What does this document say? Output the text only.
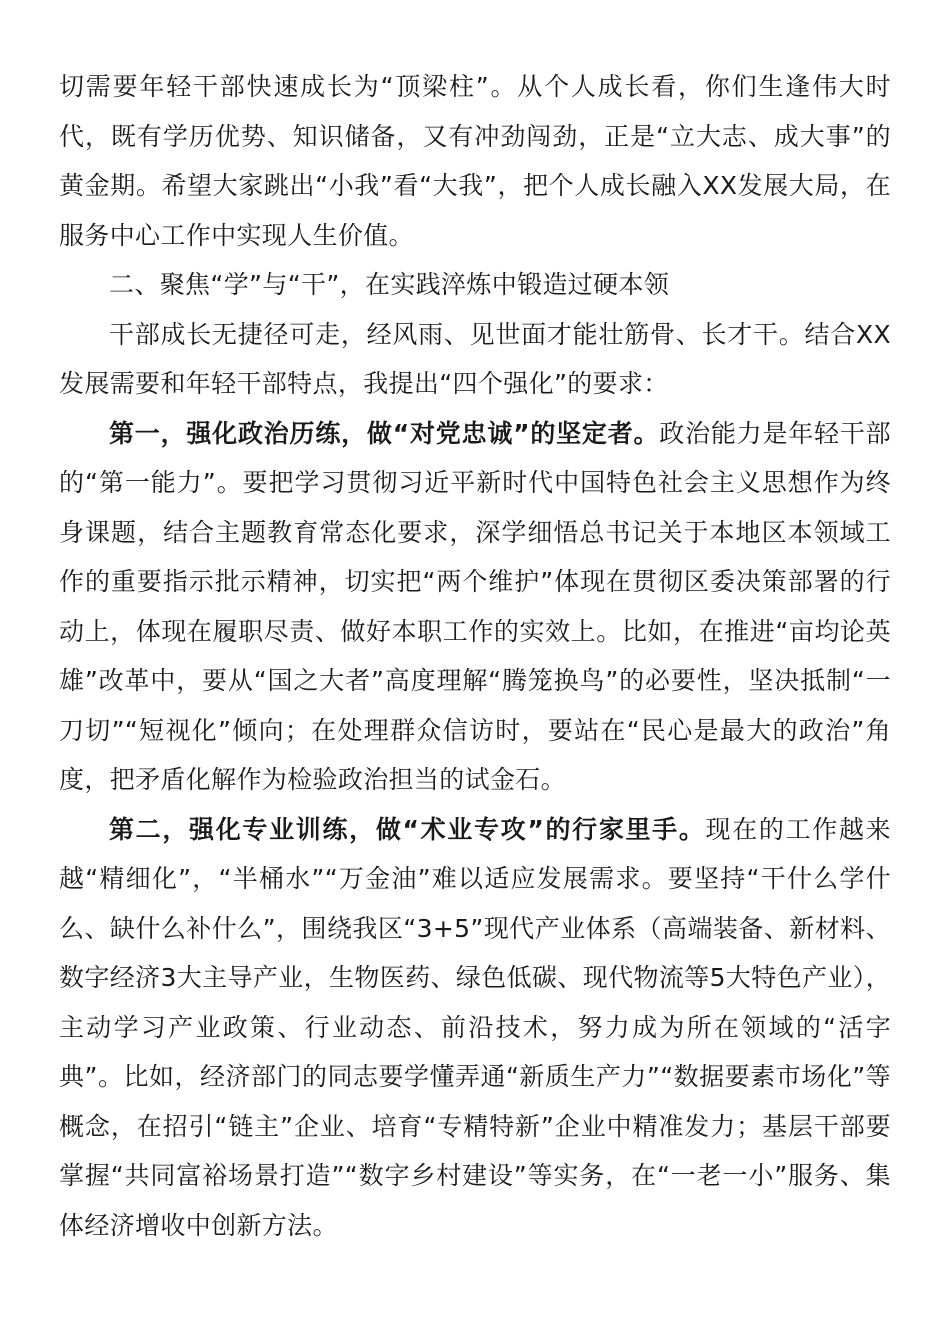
切需要年轻干部快速成长为“顶梁柱”。从个人成长看，你们生逢伟大时代，既有学历优势、知识储备，又有冲劲闯劲，正是“立大志、成大事”的黄金期。希望大家跳出“小我”看“大我”，把个人成长融入XX发展大局，在服务中心工作中实现人生价值。

二、聚焦“学”与“干”，在实践淬炼中锻造过硬本领

干部成长无捷径可走，经风雨、见世面才能壮筋骨、长才干。结合XX发展需要和年轻干部特点，我提出“四个强化”的要求：

第一，强化政治历练，做“对党忠诚”的坚定者。政治能力是年轻干部的“第一能力”。要把学习贯彻习近平新时代中国特色社会主义思想作为终身课题，结合主题教育常态化要求，深学细悟总书记关于本地区本领域工作的重要指示批示精神，切实把“两个维护”体现在贯彻区委决策部署的行动上，体现在履职尽责、做好本职工作的实效上。比如，在推进“亩均论英雄”改革中，要从“国之大者”高度理解“腾笼换鸟”的必要性，坚决抵制“一刀切”“短视化”倾向；在处理群众信访时，要站在“民心是最大的政治”角度，把矛盾化解作为检验政治担当的试金石。

第二，强化专业训练，做“术业专攻”的行家里手。现在的工作越来越“精细化”，“半桶水”“万金油”难以适应发展需求。要坚持“干什么学什么、缺什么补什么”，围绕我区“3+5”现代产业体系（高端装备、新材料、数字经济3大主导产业，生物医药、绿色低碳、现代物流等5大特色产业），主动学习产业政策、行业动态、前沿技术，努力成为所在领域的“活字典”。比如，经济部门的同志要学懂弄通“新质生产力”“数据要素市场化”等概念，在招引“链主”企业、培育“专精特新”企业中精准发力；基层干部要掌握“共同富裕场景打造”“数字乡村建设”等实务，在“一老一小”服务、集体经济增收中创新方法。
